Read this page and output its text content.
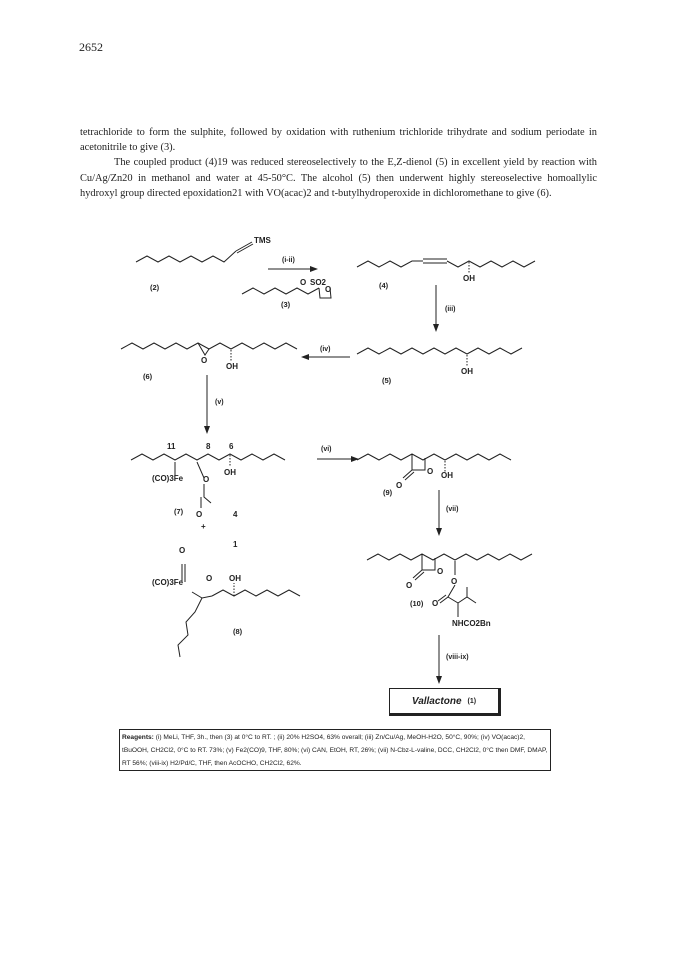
2652

tetrachloride to form the sulphite, followed by oxidation with ruthenium trichloride trihydrate and sodium periodate in acetonitrile to give (3).

The coupled product (4)19 was reduced stereoselectively to the E,Z-dienol (5) in excellent yield by reaction with Cu/Ag/Zn20 in methanol and water at 45-50°C. The alcohol (5) then underwent highly stereoselective homoallylic hydroxyl group directed epoxidation21 with VO(acac)2 and t-butylhydroperoxide in dichloromethane to give (6).

TMS
O SO2
O
OH
O
OH
OH
11	8 6
(CO)3Fe O
OH
O	4
+
1
O
O OH
(CO)3Fe
O OH
O
O
O
O
O
NHCO2Bn
(2)
(3)
(4)
(5)
(6)
(7)
(8)
(9)
(10)
(i-ii)
(iii)
(iv)
(v)
(vi)
(vii)
(viii-ix)
Vallactone (1)
Reagents: (i) MeLi, THF, 3h., then (3) at 0°C to RT. ; (ii) 20% H2SO4, 63% overall; (iii) Zn/Cu/Ag, MeOH-H2O, 50°C, 90%; (iv) VO(acac)2, tBuOOH, CH2Cl2, 0°C to RT. 73%; (v) Fe2(CO)9, THF, 80%; (vi) CAN, EtOH, RT, 26%; (vii) N-Cbz-L-valine, DCC, CH2Cl2, 0°C then DMF, DMAP, RT 56%; (viii-ix) H2/Pd/C, THF, then AcOCHO, CH2Cl2, 62%.
